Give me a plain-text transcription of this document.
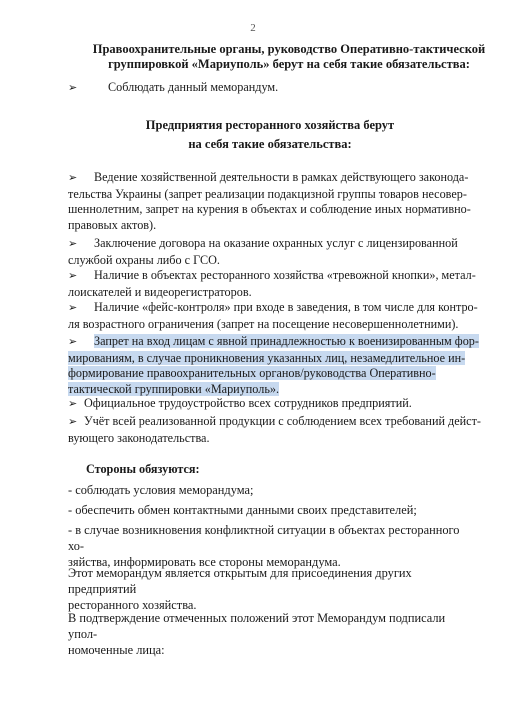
2
Правоохранительные органы, руководство Оперативно-тактической
группировкой «Мариуполь» берут на себя такие обязательства:
➢	Соблюдать данный меморандум.
Предприятия ресторанного хозяйства берут
на себя такие обязательства:
➢ Ведение хозяйственной деятельности в рамках действующего законода-
тельства Украины (запрет реализации подакцизной группы товаров несовер-
шеннолетним, запрет на курения в объектах и соблюдение иных нормативно-
правовых актов).
➢ Заключение договора на оказание охранных услуг с лицензированной
службой охраны либо с ГСО.
➢ Наличие в объектах ресторанного хозяйства «тревожной кнопки», метал-
лоискателей и видеорегистраторов.
➢ Наличие «фейс-контроля» при входе в заведения, в том числе для контро-
ля возрастного ограничения (запрет на посещение несовершеннолетними).
➢ Запрет на вход лицам с явной принадлежностью к военизированным фор-
мированиям, в случае проникновения указанных лиц, незамедлительное ин-
формирование правоохранительных органов/руководства Оперативно-
тактической группировки «Мариуполь».
➢ Официальное трудоустройство всех сотрудников предприятий.
➢ Учёт всей реализованной продукции с соблюдением всех требований дейст-
вующего законодательства.
Стороны обязуются:
- соблюдать условия меморандума;
- обеспечить обмен контактными данными своих представителей;
- в случае возникновения конфликтной ситуации в объектах ресторанного хо-
зяйства, информировать все стороны меморандума.
Этот меморандум является открытым для присоединения других предприятий
ресторанного хозяйства.
В подтверждение отмеченных положений этот Меморандум подписали упол-
номоченные лица:
